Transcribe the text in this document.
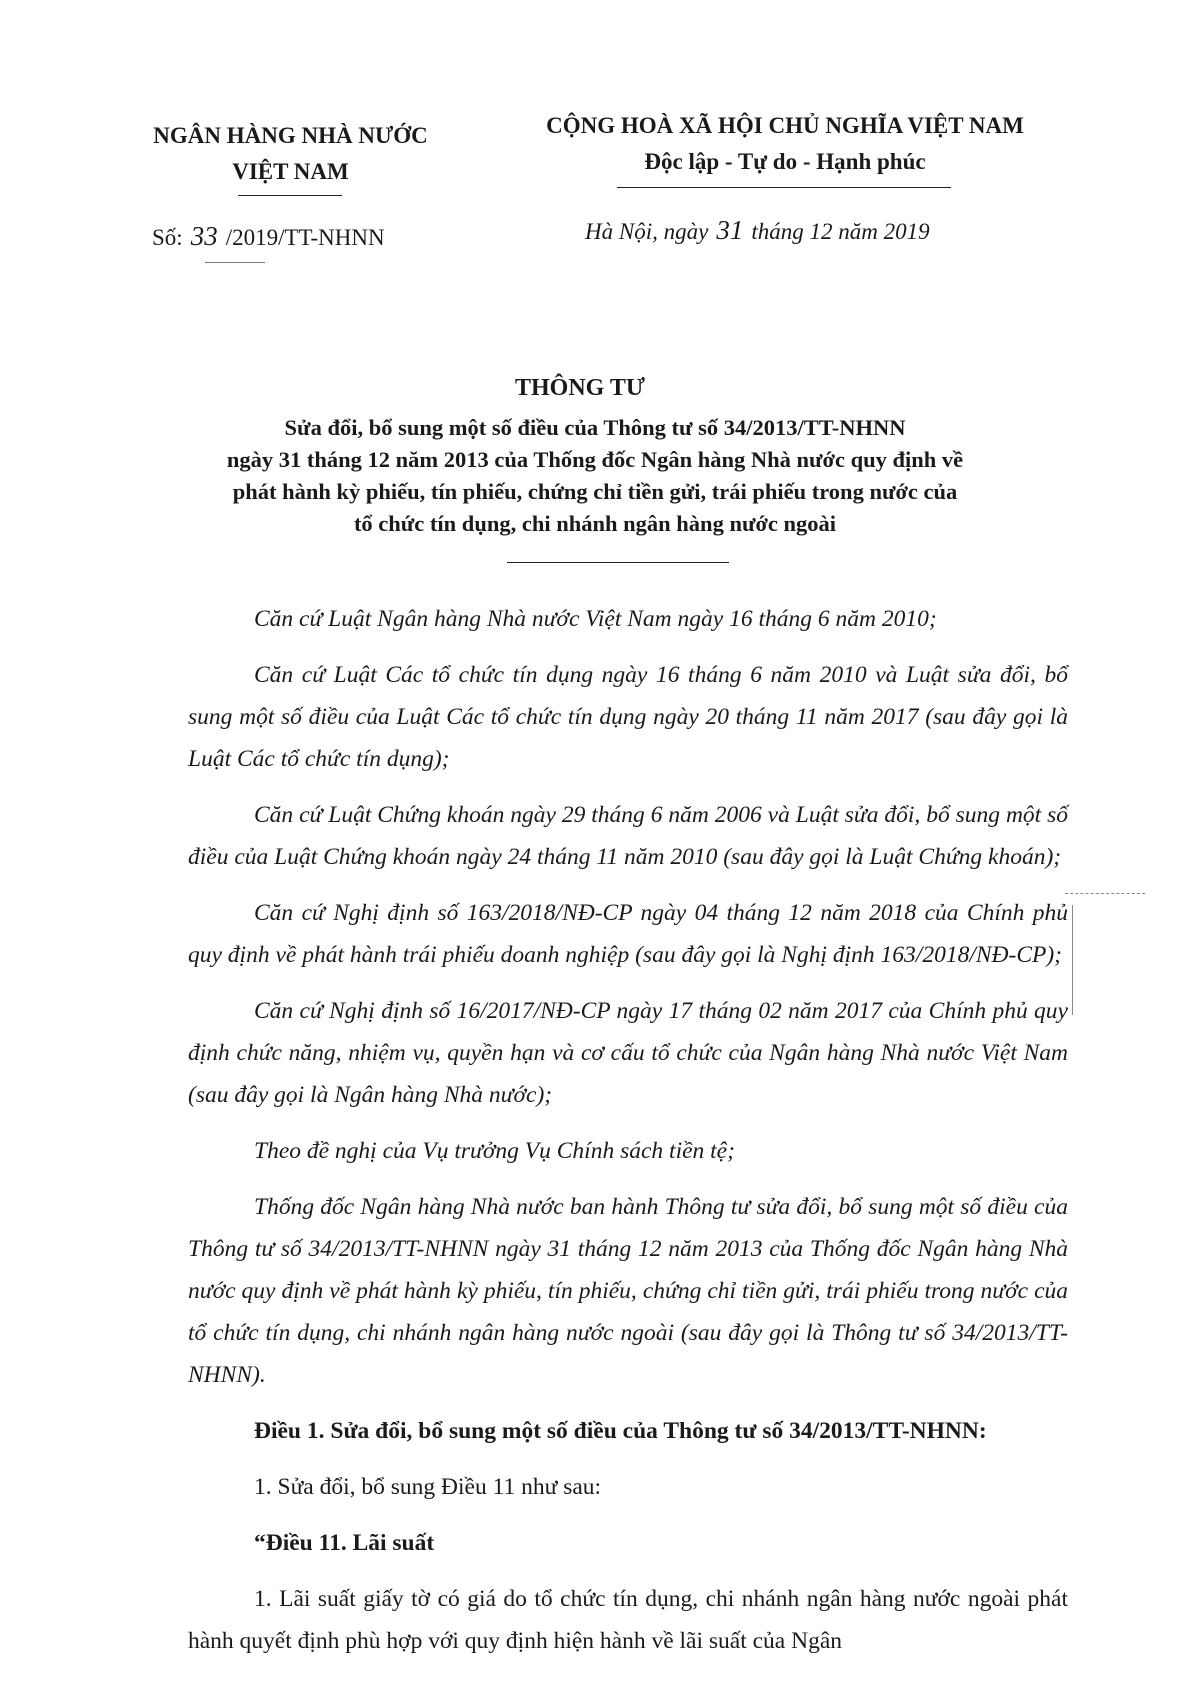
NGÂN HÀNG NHÀ NƯỚC
VIỆT NAM
CỘNG HOÀ XÃ HỘI CHỦ NGHĨA VIỆT NAM
Độc lập - Tự do - Hạnh phúc
Số: 33 /2019/TT-NHNN	Hà Nội, ngày 31 tháng 12 năm 2019
THÔNG TƯ
Sửa đổi, bổ sung một số điều của Thông tư số 34/2013/TT-NHNN
ngày 31 tháng 12 năm 2013 của Thống đốc Ngân hàng Nhà nước quy định về
phát hành kỳ phiếu, tín phiếu, chứng chỉ tiền gửi, trái phiếu trong nước của
tổ chức tín dụng, chi nhánh ngân hàng nước ngoài

Căn cứ Luật Ngân hàng Nhà nước Việt Nam ngày 16 tháng 6 năm 2010;

Căn cứ Luật Các tổ chức tín dụng ngày 16 tháng 6 năm 2010 và Luật sửa đổi, bổ sung một số điều của Luật Các tổ chức tín dụng ngày 20 tháng 11 năm 2017 (sau đây gọi là Luật Các tổ chức tín dụng);

Căn cứ Luật Chứng khoán ngày 29 tháng 6 năm 2006 và Luật sửa đổi, bổ sung một số điều của Luật Chứng khoán ngày 24 tháng 11 năm 2010 (sau đây gọi là Luật Chứng khoán);

Căn cứ Nghị định số 163/2018/NĐ-CP ngày 04 tháng 12 năm 2018 của Chính phủ quy định về phát hành trái phiếu doanh nghiệp (sau đây gọi là Nghị định 163/2018/NĐ-CP);

Căn cứ Nghị định số 16/2017/NĐ-CP ngày 17 tháng 02 năm 2017 của Chính phủ quy định chức năng, nhiệm vụ, quyền hạn và cơ cấu tổ chức của Ngân hàng Nhà nước Việt Nam (sau đây gọi là Ngân hàng Nhà nước);

Theo đề nghị của Vụ trưởng Vụ Chính sách tiền tệ;

Thống đốc Ngân hàng Nhà nước ban hành Thông tư sửa đổi, bổ sung một số điều của Thông tư số 34/2013/TT-NHNN ngày 31 tháng 12 năm 2013 của Thống đốc Ngân hàng Nhà nước quy định về phát hành kỳ phiếu, tín phiếu, chứng chỉ tiền gửi, trái phiếu trong nước của tổ chức tín dụng, chi nhánh ngân hàng nước ngoài (sau đây gọi là Thông tư số 34/2013/TT-NHNN).

Điều 1. Sửa đổi, bổ sung một số điều của Thông tư số 34/2013/TT-NHNN:

1. Sửa đổi, bổ sung Điều 11 như sau:

“Điều 11. Lãi suất

1. Lãi suất giấy tờ có giá do tổ chức tín dụng, chi nhánh ngân hàng nước ngoài phát hành quyết định phù hợp với quy định hiện hành về lãi suất của Ngân
